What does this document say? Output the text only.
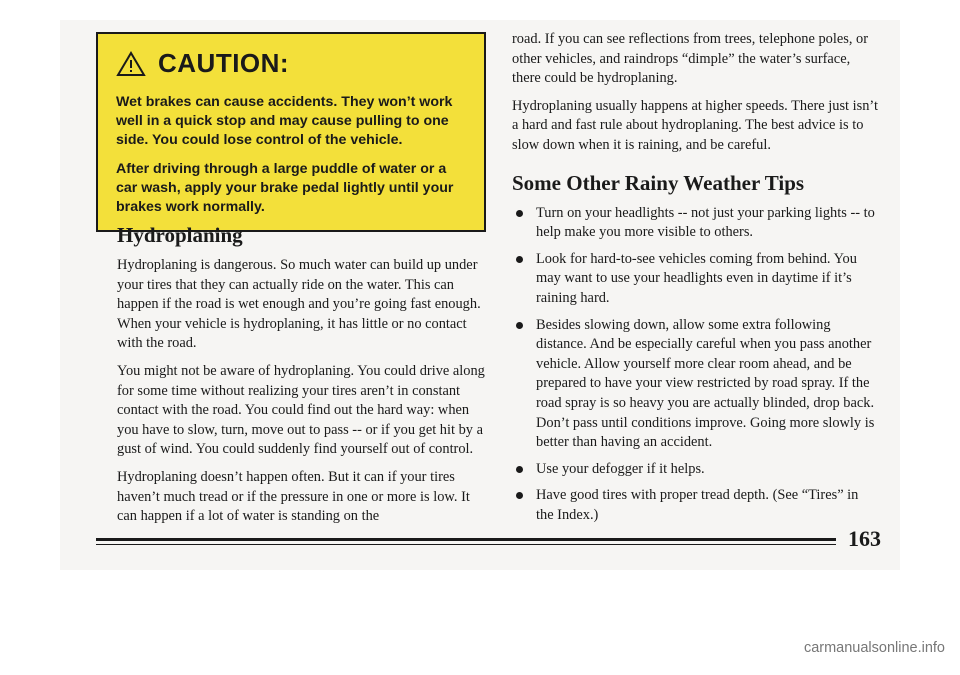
CAUTION:

Wet brakes can cause accidents. They won’t work well in a quick stop and may cause pulling to one side. You could lose control of the vehicle.

After driving through a large puddle of water or a car wash, apply your brake pedal lightly until your brakes work normally.

Hydroplaning

Hydroplaning is dangerous. So much water can build up under your tires that they can actually ride on the water. This can happen if the road is wet enough and you’re going fast enough. When your vehicle is hydroplaning, it has little or no contact with the road.

You might not be aware of hydroplaning. You could drive along for some time without realizing your tires aren’t in constant contact with the road. You could find out the hard way: when you have to slow, turn, move out to pass -- or if you get hit by a gust of wind. You could suddenly find yourself out of control.

Hydroplaning doesn’t happen often. But it can if your tires haven’t much tread or if the pressure in one or more is low. It can happen if a lot of water is standing on the

road. If you can see reflections from trees, telephone poles, or other vehicles, and raindrops “dimple” the water’s surface, there could be hydroplaning.

Hydroplaning usually happens at higher speeds. There just isn’t a hard and fast rule about hydroplaning. The best advice is to slow down when it is raining, and be careful.

Some Other Rainy Weather Tips
Turn on your headlights -- not just your parking lights -- to help make you more visible to others.
Look for hard-to-see vehicles coming from behind. You may want to use your headlights even in daytime if it’s raining hard.
Besides slowing down, allow some extra following distance. And be especially careful when you pass another vehicle. Allow yourself more clear room ahead, and be prepared to have your view restricted by road spray. If the road spray is so heavy you are actually blinded, drop back. Don’t pass until conditions improve. Going more slowly is better than having an accident.
Use your defogger if it helps.
Have good tires with proper tread depth. (See “Tires” in the Index.)
163
carmanualsonline.info
